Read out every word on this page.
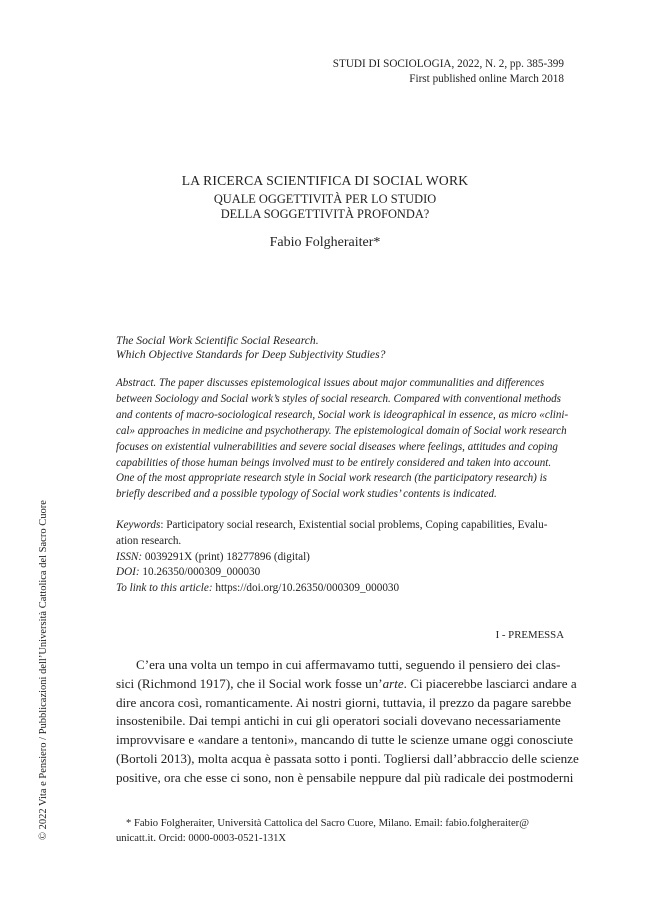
STUDI DI SOCIOLOGIA, 2022, N. 2, pp. 385-399
First published online March 2018
LA RICERCA SCIENTIFICA DI SOCIAL WORK
QUALE OGGETTIVITÀ PER LO STUDIO
DELLA SOGGETTIVITÀ PROFONDA?
Fabio Folgheraiter*
The Social Work Scientific Social Research.
Which Objective Standards for Deep Subjectivity Studies?
Abstract. The paper discusses epistemological issues about major communalities and differences
between Sociology and Social work’s styles of social research. Compared with conventional methods
and contents of macro-sociological research, Social work is ideographical in essence, as micro «clini-
cal» approaches in medicine and psychotherapy. The epistemological domain of Social work research
focuses on existential vulnerabilities and severe social diseases where feelings, attitudes and coping
capabilities of those human beings involved must to be entirely considered and taken into account.
One of the most appropriate research style in Social work research (the participatory research) is
briefly described and a possible typology of Social work studies’ contents is indicated.
Keywords: Participatory social research, Existential social problems, Coping capabilities, Evalu-
ation research.
ISSN: 0039291X (print) 18277896 (digital)
DOI: 10.26350/000309_000030
To link to this article: https://doi.org/10.26350/000309_000030
I - PREMESSA
C’era una volta un tempo in cui affermavamo tutti, seguendo il pensiero dei clas-
sici (Richmond 1917), che il Social work fosse un’arte. Ci piacerebbe lasciarci andare a
dire ancora così, romanticamente. Ai nostri giorni, tuttavia, il prezzo da pagare sarebbe
insostenibile. Dai tempi antichi in cui gli operatori sociali dovevano necessariamente
improvvisare e «andare a tentoni», mancando di tutte le scienze umane oggi conosciute
(Bortoli 2013), molta acqua è passata sotto i ponti. Togliersi dall’abbraccio delle scienze
positive, ora che esse ci sono, non è pensabile neppure dal più radicale dei postmoderni
* Fabio Folgheraiter, Università Cattolica del Sacro Cuore, Milano. Email: fabio.folgheraiter@
unicatt.it. Orcid: 0000-0003-0521-131X
© 2022 Vita e Pensiero / Pubblicazioni dell’Università Cattolica del Sacro Cuore
